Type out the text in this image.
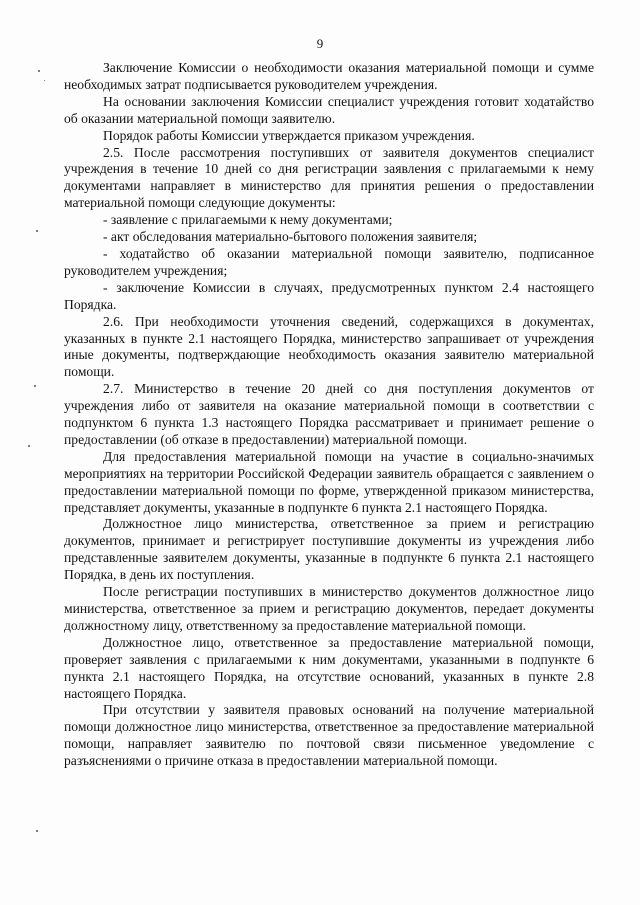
9

Заключение Комиссии о необходимости оказания материальной помощи и сумме необходимых затрат подписывается руководителем учреждения.

На основании заключения Комиссии специалист учреждения готовит ходатайство об оказании материальной помощи заявителю.

Порядок работы Комиссии утверждается приказом учреждения.

2.5. После рассмотрения поступивших от заявителя документов специалист учреждения в течение 10 дней со дня регистрации заявления с прилагаемыми к нему документами направляет в министерство для принятия решения о предоставлении материальной помощи следующие документы:

- заявление с прилагаемыми к нему документами;

- акт обследования материально-бытового положения заявителя;

- ходатайство об оказании материальной помощи заявителю, подписанное руководителем учреждения;

- заключение Комиссии в случаях, предусмотренных пунктом 2.4 настоящего Порядка.

2.6. При необходимости уточнения сведений, содержащихся в документах, указанных в пункте 2.1 настоящего Порядка, министерство запрашивает от учреждения иные документы, подтверждающие необходимость оказания заявителю материальной помощи.

2.7. Министерство в течение 20 дней со дня поступления документов от учреждения либо от заявителя на оказание материальной помощи в соответствии с подпунктом 6 пункта 1.3 настоящего Порядка рассматривает и принимает решение о предоставлении (об отказе в предоставлении) материальной помощи.

Для предоставления материальной помощи на участие в социально-значимых мероприятиях на территории Российской Федерации заявитель обращается с заявлением о предоставлении материальной помощи по форме, утвержденной приказом министерства, представляет документы, указанные в подпункте 6 пункта 2.1 настоящего Порядка.

Должностное лицо министерства, ответственное за прием и регистрацию документов, принимает и регистрирует поступившие документы из учреждения либо представленные заявителем документы, указанные в подпункте 6 пункта 2.1 настоящего Порядка, в день их поступления.

После регистрации поступивших в министерство документов должностное лицо министерства, ответственное за прием и регистрацию документов, передает документы должностному лицу, ответственному за предоставление материальной помощи.

Должностное лицо, ответственное за предоставление материальной помощи, проверяет заявления с прилагаемыми к ним документами, указанными в подпункте 6 пункта 2.1 настоящего Порядка, на отсутствие оснований, указанных в пункте 2.8 настоящего Порядка.

При отсутствии у заявителя правовых оснований на получение материальной помощи должностное лицо министерства, ответственное за предоставление материальной помощи, направляет заявителю по почтовой связи письменное уведомление с разъяснениями о причине отказа в предоставлении материальной помощи.
